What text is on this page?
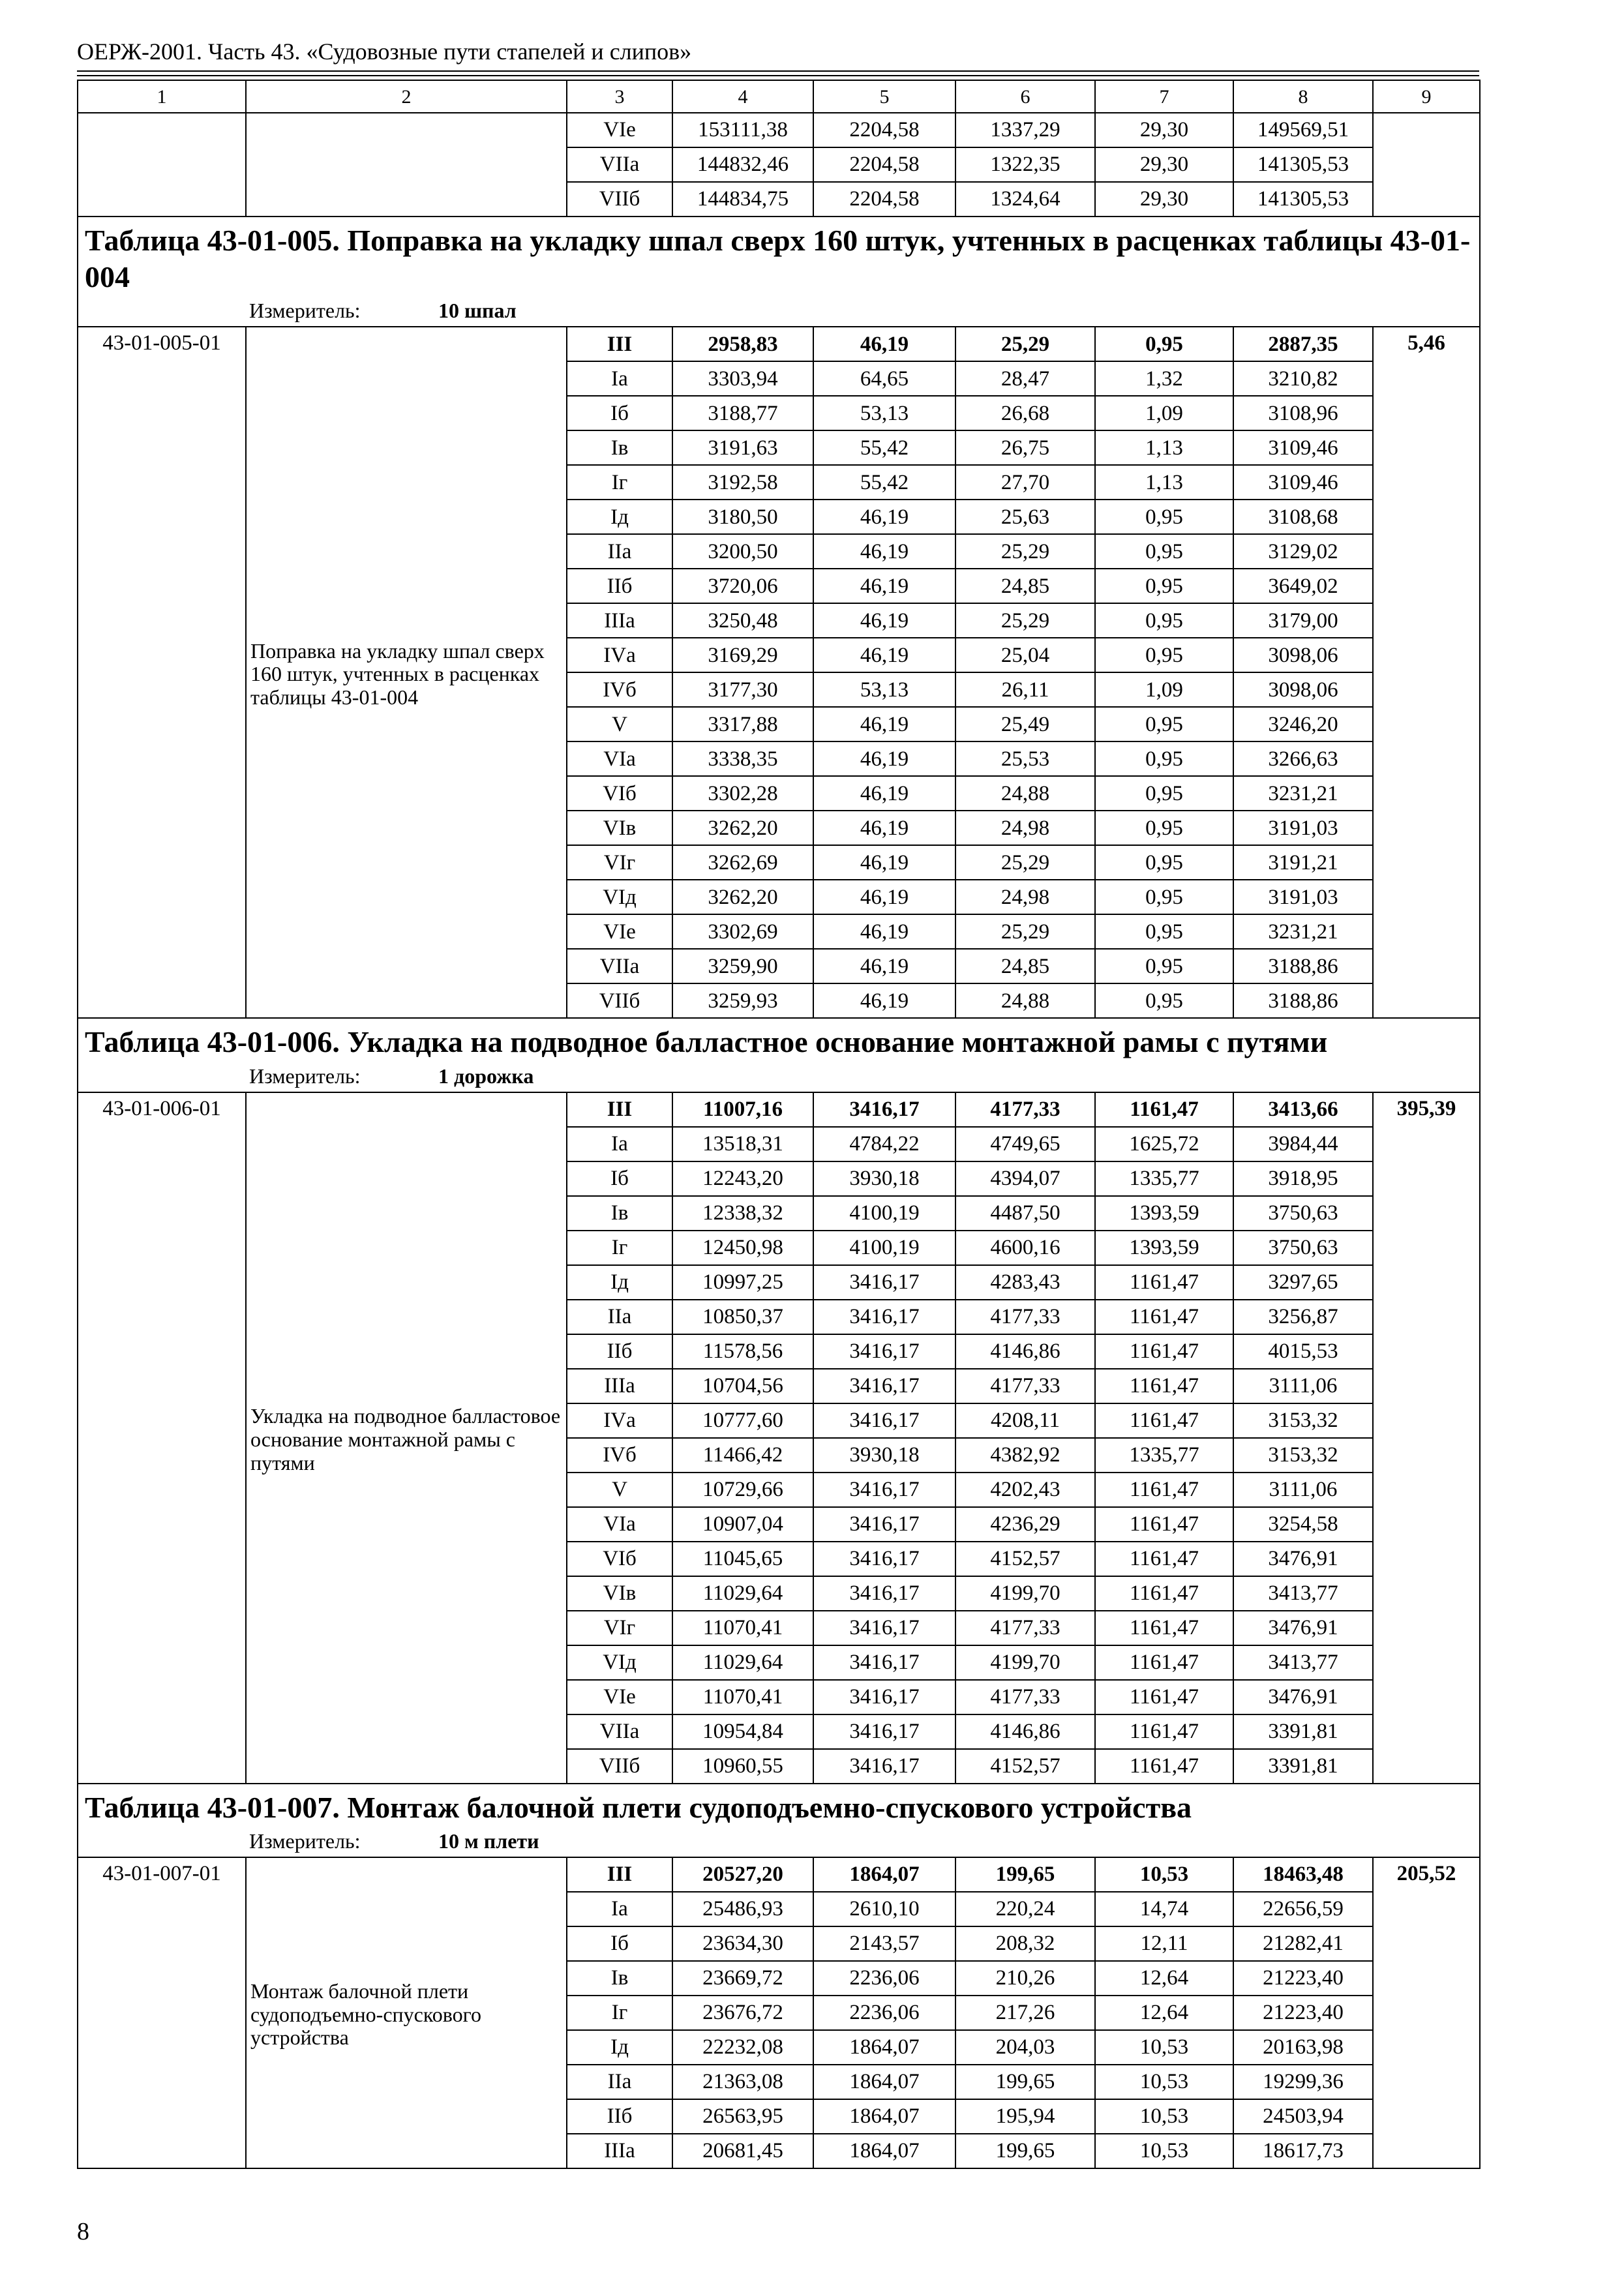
ОЕРЖ-2001. Часть 43. «Судовозные пути стапелей и слипов»
1	2	3	4	5	6	7	8	9
		VIе	153111,38	2204,58	1337,29	29,30	149569,51	
		VIIа	144832,46	2204,58	1322,35	29,30	141305,53	
		VIIб	144834,75	2204,58	1324,64	29,30	141305,53	

Таблица 43-01-005. Поправка на укладку шпал сверх 160 штук, учтенных в расценках таблицы 43-01-004
Измеритель: 10 шпал								

43-01-005-01	Поправка на укладку шпал сверх 160 штук, учтенных в расценках таблицы 43-01-004	III	2958,83	46,19	25,29	0,95	2887,35	5,46
		Iа	3303,94	64,65	28,47	1,32	3210,82	
		Iб	3188,77	53,13	26,68	1,09	3108,96	
		Iв	3191,63	55,42	26,75	1,13	3109,46	
		Iг	3192,58	55,42	27,70	1,13	3109,46	
		Iд	3180,50	46,19	25,63	0,95	3108,68	
		IIа	3200,50	46,19	25,29	0,95	3129,02	
		IIб	3720,06	46,19	24,85	0,95	3649,02	
		IIIа	3250,48	46,19	25,29	0,95	3179,00	
		IVа	3169,29	46,19	25,04	0,95	3098,06	
		IVб	3177,30	53,13	26,11	1,09	3098,06	
		V	3317,88	46,19	25,49	0,95	3246,20	
		VIа	3338,35	46,19	25,53	0,95	3266,63	
		VIб	3302,28	46,19	24,88	0,95	3231,21	
		VIв	3262,20	46,19	24,98	0,95	3191,03	
		VIг	3262,69	46,19	25,29	0,95	3191,21	
		VIд	3262,20	46,19	24,98	0,95	3191,03	
		VIе	3302,69	46,19	25,29	0,95	3231,21	
		VIIа	3259,90	46,19	24,85	0,95	3188,86	
		VIIб	3259,93	46,19	24,88	0,95	3188,86	

Таблица 43-01-006. Укладка на подводное балластное основание монтажной рамы с путями
Измеритель: 1 дорожка								

43-01-006-01	Укладка на подводное балластовое основание монтажной рамы с путями	III	11007,16	3416,17	4177,33	1161,47	3413,66	395,39
		Iа	13518,31	4784,22	4749,65	1625,72	3984,44	
		Iб	12243,20	3930,18	4394,07	1335,77	3918,95	
		Iв	12338,32	4100,19	4487,50	1393,59	3750,63	
		Iг	12450,98	4100,19	4600,16	1393,59	3750,63	
		Iд	10997,25	3416,17	4283,43	1161,47	3297,65	
		IIа	10850,37	3416,17	4177,33	1161,47	3256,87	
		IIб	11578,56	3416,17	4146,86	1161,47	4015,53	
		IIIа	10704,56	3416,17	4177,33	1161,47	3111,06	
		IVа	10777,60	3416,17	4208,11	1161,47	3153,32	
		IVб	11466,42	3930,18	4382,92	1335,77	3153,32	
		V	10729,66	3416,17	4202,43	1161,47	3111,06	
		VIа	10907,04	3416,17	4236,29	1161,47	3254,58	
		VIб	11045,65	3416,17	4152,57	1161,47	3476,91	
		VIв	11029,64	3416,17	4199,70	1161,47	3413,77	
		VIг	11070,41	3416,17	4177,33	1161,47	3476,91	
		VIд	11029,64	3416,17	4199,70	1161,47	3413,77	
		VIе	11070,41	3416,17	4177,33	1161,47	3476,91	
		VIIа	10954,84	3416,17	4146,86	1161,47	3391,81	
		VIIб	10960,55	3416,17	4152,57	1161,47	3391,81	

Таблица 43-01-007. Монтаж балочной плети судоподъемно-спускового устройства
Измеритель: 10 м плети								

43-01-007-01	Монтаж балочной плети судоподъемно-спускового устройства	III	20527,20	1864,07	199,65	10,53	18463,48	205,52
		Iа	25486,93	2610,10	220,24	14,74	22656,59	
		Iб	23634,30	2143,57	208,32	12,11	21282,41	
		Iв	23669,72	2236,06	210,26	12,64	21223,40	
		Iг	23676,72	2236,06	217,26	12,64	21223,40	
		Iд	22232,08	1864,07	204,03	10,53	20163,98	
		IIа	21363,08	1864,07	199,65	10,53	19299,36	
		IIб	26563,95	1864,07	195,94	10,53	24503,94	
		IIIа	20681,45	1864,07	199,65	10,53	18617,73	
8
